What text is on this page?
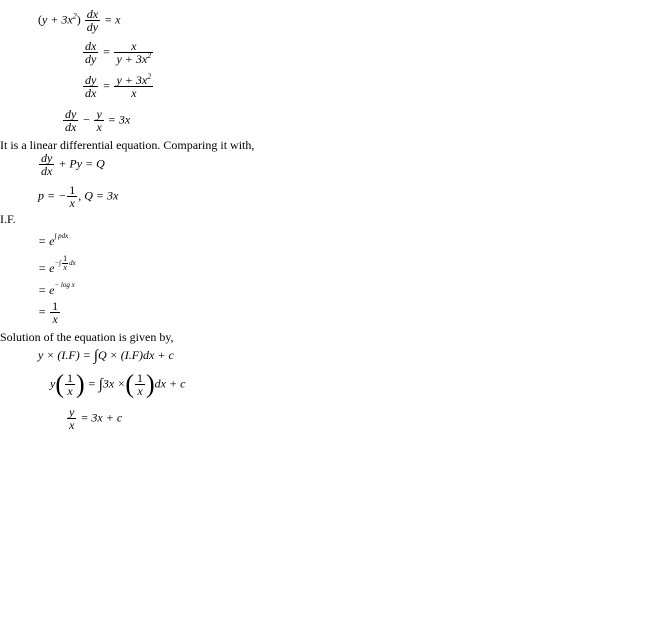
$(y + 3x^2) \frac{dx}{dy} = x$
$\frac{dx}{dy} = \frac{x}{y + 3x^2}$
$\frac{dy}{dx} = \frac{y + 3x^2}{x}$
$\frac{dy}{dx} - \frac{y}{x} = 3x$
It is a linear differential equation. Comparing it with,
$\frac{dy}{dx} + Py = Q$
p = − $\frac{1}{x}$ , Q = 3x
I.F.
= $e^{\int pdx}$
= $e^{-\int \frac{1}{x} dx}$
= $e^{- log x}$
= $\frac{1}{x}$
Solution of the equation is given by,
y × (I.F) = ∫Q × (I.F)dx + c
$y( \frac{1}{x}$ ) = ∫3x ×( $\frac{1}{x} )dx + c$
$\frac{y}{x} = 3x + c$
